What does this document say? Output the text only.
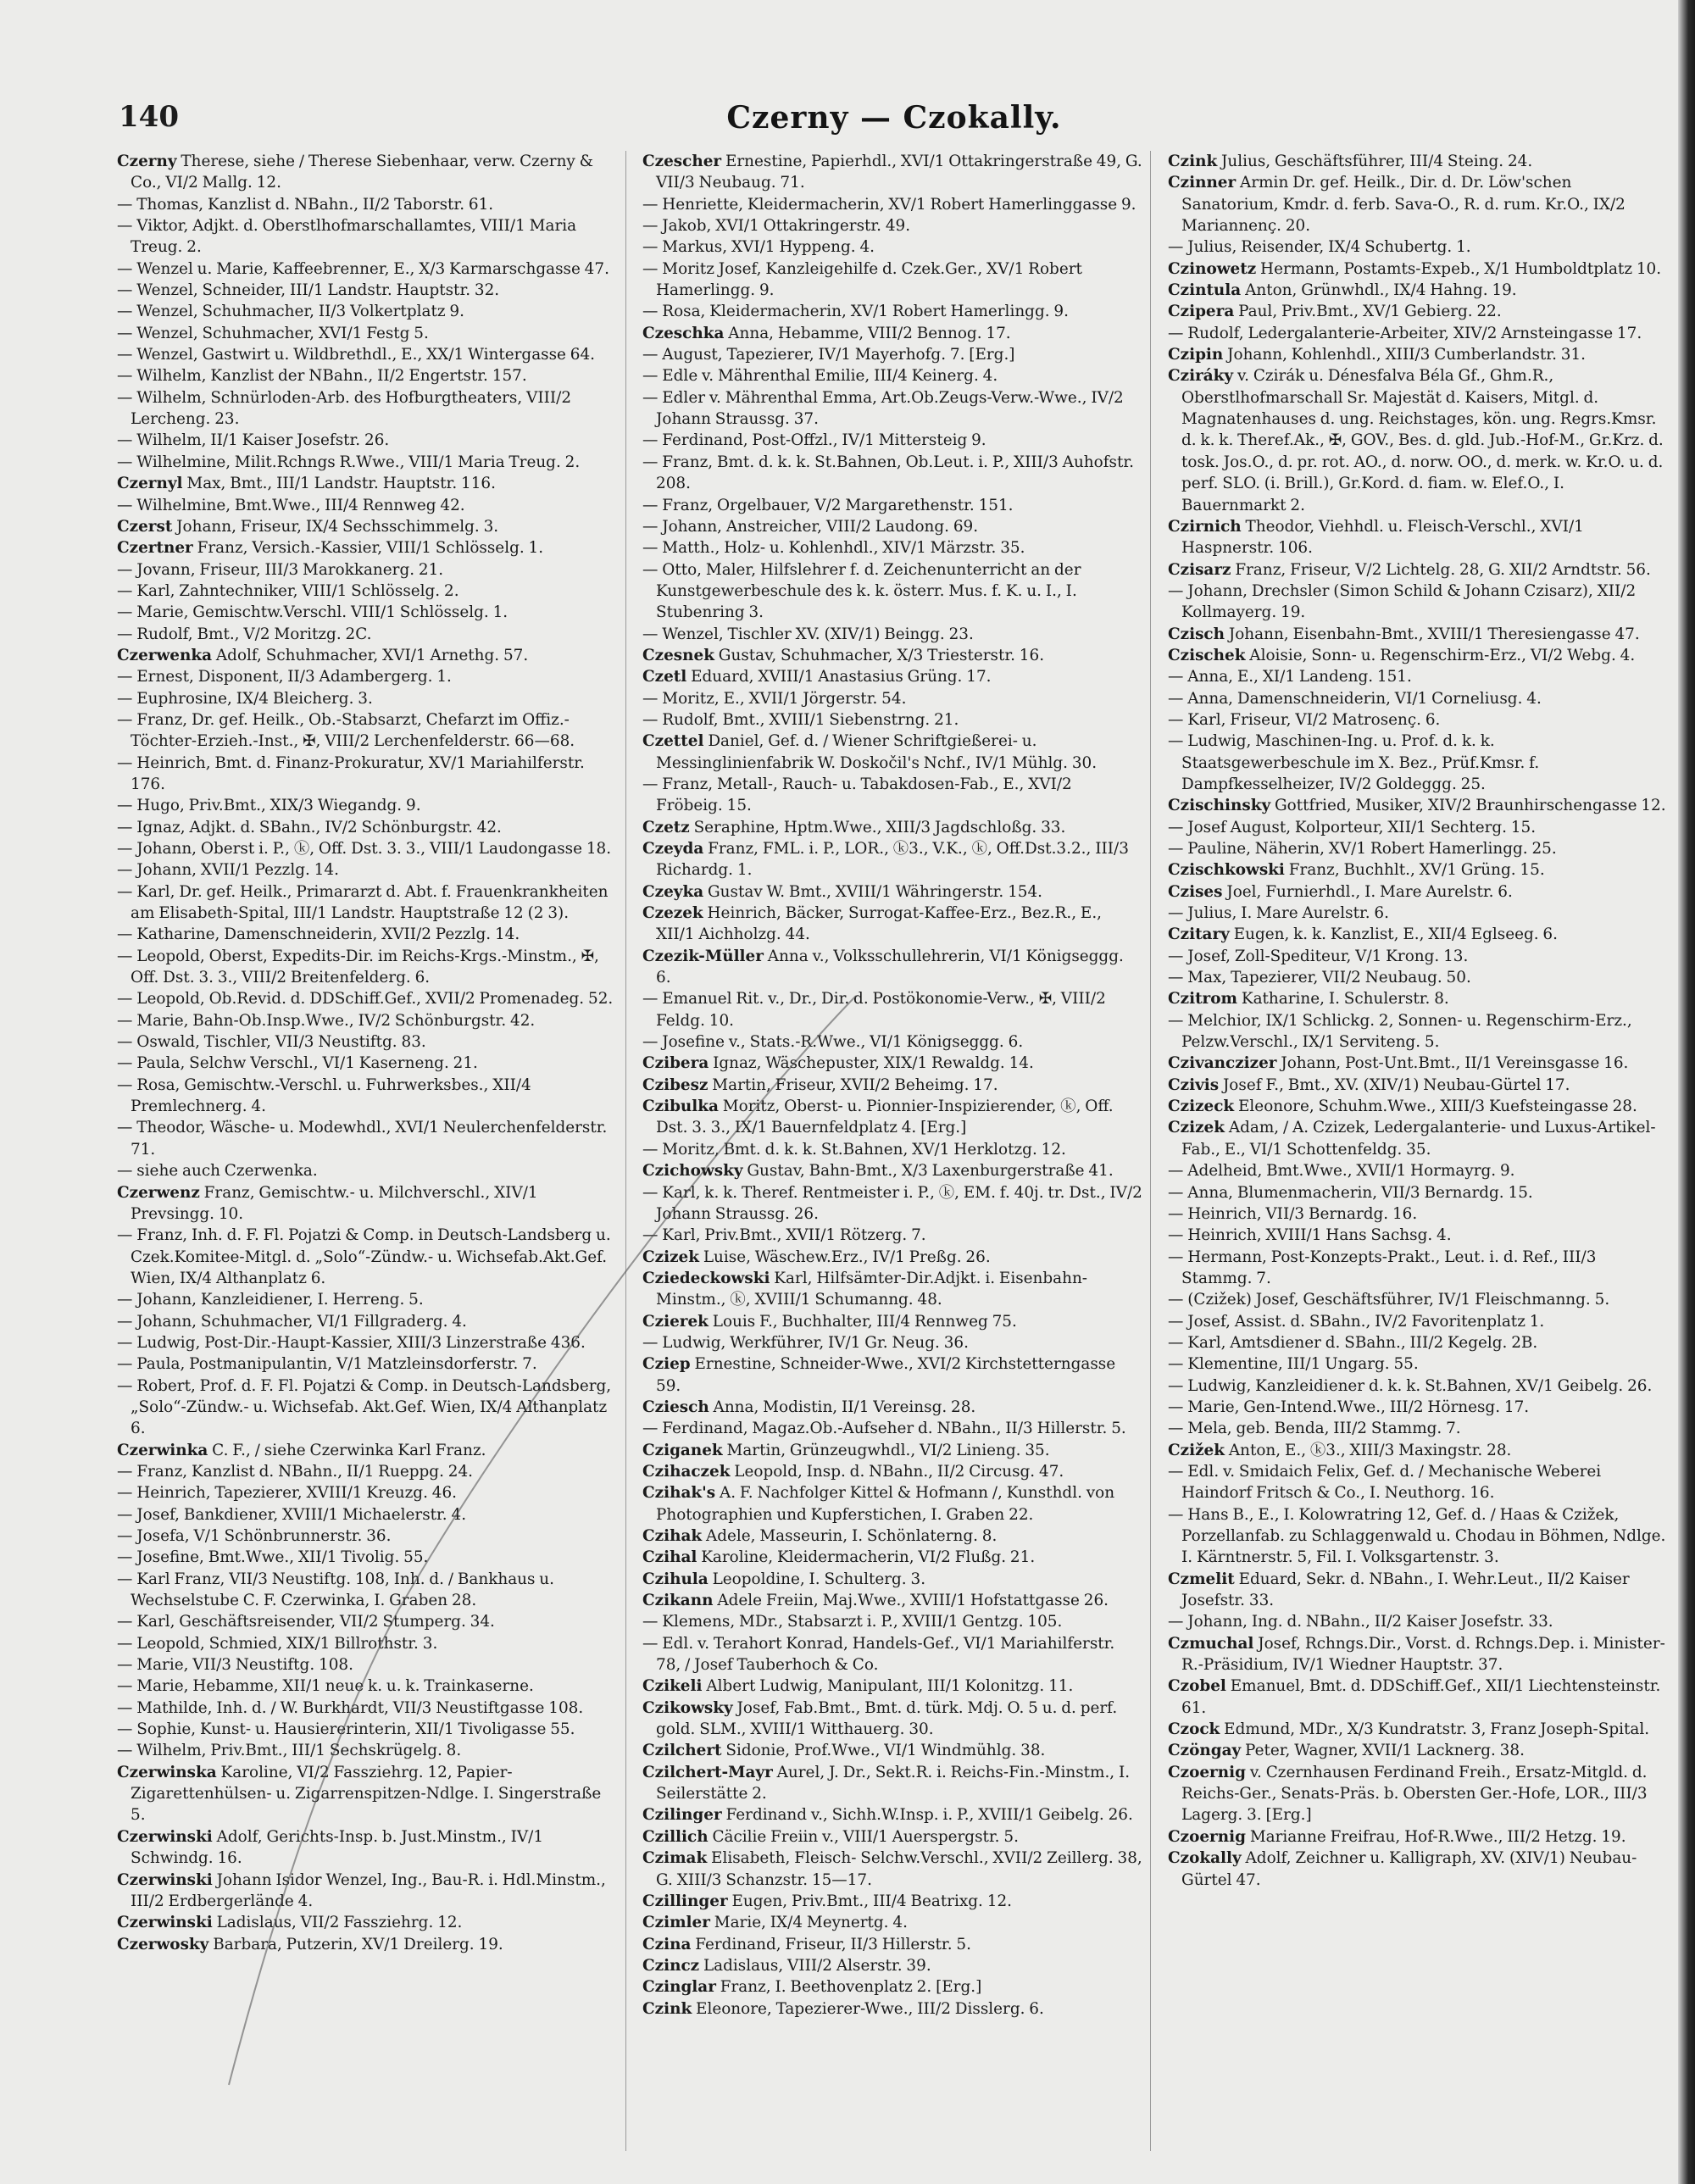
140	Czerny — Czokally.

Czerny Therese, siehe ∕ Therese Siebenhaar, verw. Czerny & Co., VI/2 Mallg. 12.

— Thomas, Kanzlist d. NBahn., II/2 Taborstr. 61.

— Viktor, Adjkt. d. Oberstlhofmarschallamtes, VIII/1 Maria Treug. 2.

— Wenzel u. Marie, Kaffeebrenner, E., X/3 Karmarschgasse 47.

— Wenzel, Schneider, III/1 Landstr. Hauptstr. 32.

— Wenzel, Schuhmacher, II/3 Volkertplatz 9.

— Wenzel, Schuhmacher, XVI/1 Festg 5.

— Wenzel, Gastwirt u. Wildbrethdl., E., XX/1 Wintergasse 64.

— Wilhelm, Kanzlist der NBahn., II/2 Engertstr. 157.

— Wilhelm, Schnürloden-Arb. des Hofburgtheaters, VIII/2 Lercheng. 23.

— Wilhelm, II/1 Kaiser Josefstr. 26.

— Wilhelmine, Milit.Rchngs R.Wwe., VIII/1 Maria Treug. 2.

Czernyl Max, Bmt., III/1 Landstr. Hauptstr. 116.

— Wilhelmine, Bmt.Wwe., III/4 Rennweg 42.

Czerst Johann, Friseur, IX/4 Sechsschimmelg. 3.

Czertner Franz, Versich.-Kassier, VIII/1 Schlösselg. 1.

— Jovann, Friseur, III/3 Marokkanerg. 21.

— Karl, Zahntechniker, VIII/1 Schlösselg. 2.

— Marie, Gemischtw.Verschl. VIII/1 Schlösselg. 1.

— Rudolf, Bmt., V/2 Moritzg. 2C.

Czerwenka Adolf, Schuhmacher, XVI/1 Arnethg. 57.

— Ernest, Disponent, II/3 Adambergerg. 1.

— Euphrosine, IX/4 Bleicherg. 3.

— Franz, Dr. gef. Heilk., Ob.-Stabsarzt, Chefarzt im Offiz.-Töchter-Erzieh.-Inst., ✠, VIII/2 Lerchenfelderstr. 66—68.

— Heinrich, Bmt. d. Finanz-Prokuratur, XV/1 Mariahilferstr. 176.

— Hugo, Priv.Bmt., XIX/3 Wiegandg. 9.

— Ignaz, Adjkt. d. SBahn., IV/2 Schönburgstr. 42.

— Johann, Oberst i. P., ⓚ, Off. Dst. 3. 3., VIII/1 Laudongasse 18.

— Johann, XVII/1 Pezzlg. 14.

— Karl, Dr. gef. Heilk., Primararzt d. Abt. f. Frauenkrankheiten am Elisabeth-Spital, III/1 Landstr. Hauptstraße 12 (2 3).

— Katharine, Damenschneiderin, XVII/2 Pezzlg. 14.

— Leopold, Oberst, Expedits-Dir. im Reichs-Krgs.-Minstm., ✠, Off. Dst. 3. 3., VIII/2 Breitenfelderg. 6.

— Leopold, Ob.Revid. d. DDSchiff.Gef., XVII/2 Promenadeg. 52.

— Marie, Bahn-Ob.Insp.Wwe., IV/2 Schönburgstr. 42.

— Oswald, Tischler, VII/3 Neustiftg. 83.

— Paula, Selchw Verschl., VI/1 Kaserneng. 21.

— Rosa, Gemischtw.-Verschl. u. Fuhrwerksbes., XII/4 Premlechnerg. 4.

— Theodor, Wäsche- u. Modewhdl., XVI/1 Neulerchenfelderstr. 71.

— siehe auch Czerwenka.

Czerwenz Franz, Gemischtw.- u. Milchverschl., XIV/1 Prevsingg. 10.

— Franz, Inh. d. F. Fl. Pojatzi & Comp. in Deutsch-Landsberg u. Czek.Komitee-Mitgl. d. „Solo“-Zündw.- u. Wichsefab.Akt.Gef. Wien, IX/4 Althanplatz 6.

— Johann, Kanzleidiener, I. Herreng. 5.

— Johann, Schuhmacher, VI/1 Fillgraderg. 4.

— Ludwig, Post-Dir.-Haupt-Kassier, XIII/3 Linzerstraße 436.

— Paula, Postmanipulantin, V/1 Matzleinsdorferstr. 7.

— Robert, Prof. d. F. Fl. Pojatzi & Comp. in Deutsch-Landsberg, „Solo“-Zündw.- u. Wichsefab. Akt.Gef. Wien, IX/4 Althanplatz 6.

Czerwinka C. F., ∕ siehe Czerwinka Karl Franz.

— Franz, Kanzlist d. NBahn., II/1 Rueppg. 24.

— Heinrich, Tapezierer, XVIII/1 Kreuzg. 46.

— Josef, Bankdiener, XVIII/1 Michaelerstr. 4.

— Josefa, V/1 Schönbrunnerstr. 36.

— Josefine, Bmt.Wwe., XII/1 Tivolig. 55.

— Karl Franz, VII/3 Neustiftg. 108, Inh. d. ∕ Bankhaus u. Wechselstube C. F. Czerwinka, I. Graben 28.

— Karl, Geschäftsreisender, VII/2 Stumperg. 34.

— Leopold, Schmied, XIX/1 Billrothstr. 3.

— Marie, VII/3 Neustiftg. 108.

— Marie, Hebamme, XII/1 neue k. u. k. Trainkaserne.

— Mathilde, Inh. d. ∕ W. Burkhardt, VII/3 Neustiftgasse 108.

— Sophie, Kunst- u. Hausiererinterin, XII/1 Tivoligasse 55.

— Wilhelm, Priv.Bmt., III/1 Sechskrügelg. 8.

Czerwinska Karoline, VI/2 Fassziehrg. 12, Papier-Zigarettenhülsen- u. Zigarrenspitzen-Ndlge. I. Singerstraße 5.

Czerwinski Adolf, Gerichts-Insp. b. Just.Minstm., IV/1 Schwindg. 16.

Czerwinski Johann Isidor Wenzel, Ing., Bau-R. i. Hdl.Minstm., III/2 Erdbergerlände 4.

Czerwinski Ladislaus, VII/2 Fassziehrg. 12.

Czerwosky Barbara, Putzerin, XV/1 Dreilerg. 19.

Czescher Ernestine, Papierhdl., XVI/1 Ottakringerstraße 49, G. VII/3 Neubaug. 71.

— Henriette, Kleidermacherin, XV/1 Robert Hamerlinggasse 9.

— Jakob, XVI/1 Ottakringerstr. 49.

— Markus, XVI/1 Hyppeng. 4.

— Moritz Josef, Kanzleigehilfe d. Czek.Ger., XV/1 Robert Hamerlingg. 9.

— Rosa, Kleidermacherin, XV/1 Robert Hamerlingg. 9.

Czeschka Anna, Hebamme, VIII/2 Bennog. 17.

— August, Tapezierer, IV/1 Mayerhofg. 7. [Erg.]

— Edle v. Mährenthal Emilie, III/4 Keinerg. 4.

— Edler v. Mährenthal Emma, Art.Ob.Zeugs-Verw.-Wwe., IV/2 Johann Straussg. 37.

— Ferdinand, Post-Offzl., IV/1 Mittersteig 9.

— Franz, Bmt. d. k. k. St.Bahnen, Ob.Leut. i. P., XIII/3 Auhofstr. 208.

— Franz, Orgelbauer, V/2 Margarethenstr. 151.

— Johann, Anstreicher, VIII/2 Laudong. 69.

— Matth., Holz- u. Kohlenhdl., XIV/1 Märzstr. 35.

— Otto, Maler, Hilfslehrer f. d. Zeichenunterricht an der Kunstgewerbeschule des k. k. österr. Mus. f. K. u. I., I. Stubenring 3.

— Wenzel, Tischler XV. (XIV/1) Beingg. 23.

Czesnek Gustav, Schuhmacher, X/3 Triesterstr. 16.

Czetl Eduard, XVIII/1 Anastasius Grüng. 17.

— Moritz, E., XVII/1 Jörgerstr. 54.

— Rudolf, Bmt., XVIII/1 Siebenstrng. 21.

Czettel Daniel, Gef. d. ∕ Wiener Schriftgießerei- u. Messinglinienfabrik W. Doskočil's Nchf., IV/1 Mühlg. 30.

— Franz, Metall-, Rauch- u. Tabakdosen-Fab., E., XVI/2 Fröbeig. 15.

Czetz Seraphine, Hptm.Wwe., XIII/3 Jagdschloßg. 33.

Czeyda Franz, FML. i. P., LOR., ⓚ3., V.K., ⓚ, Off.Dst.3.2., III/3 Richardg. 1.

Czeyka Gustav W. Bmt., XVIII/1 Währingerstr. 154.

Czezek Heinrich, Bäcker, Surrogat-Kaffee-Erz., Bez.R., E., XII/1 Aichholzg. 44.

Czezik-Müller Anna v., Volksschullehrerin, VI/1 Königseggg. 6.

— Emanuel Rit. v., Dr., Dir. d. Postökonomie-Verw., ✠, VIII/2 Feldg. 10.

— Josefine v., Stats.-R.Wwe., VI/1 Königseggg. 6.

Czibera Ignaz, Wäschepuster, XIX/1 Rewaldg. 14.

Czibesz Martin, Friseur, XVII/2 Beheimg. 17.

Czibulka Moritz, Oberst- u. Pionnier-Inspizierender, ⓚ, Off. Dst. 3. 3., IX/1 Bauernfeldplatz 4. [Erg.]

— Moritz, Bmt. d. k. k. St.Bahnen, XV/1 Herklotzg. 12.

Czichowsky Gustav, Bahn-Bmt., X/3 Laxenburgerstraße 41.

— Karl, k. k. Theref. Rentmeister i. P., ⓚ, EM. f. 40j. tr. Dst., IV/2 Johann Straussg. 26.

— Karl, Priv.Bmt., XVII/1 Rötzerg. 7.

Czizek Luise, Wäschew.Erz., IV/1 Preßg. 26.

Cziedeckowski Karl, Hilfsämter-Dir.Adjkt. i. Eisenbahn-Minstm., ⓚ, XVIII/1 Schumanng. 48.

Czierek Louis F., Buchhalter, III/4 Rennweg 75.

— Ludwig, Werkführer, IV/1 Gr. Neug. 36.

Cziep Ernestine, Schneider-Wwe., XVI/2 Kirchstetterngasse 59.

Cziesch Anna, Modistin, II/1 Vereinsg. 28.

— Ferdinand, Magaz.Ob.-Aufseher d. NBahn., II/3 Hillerstr. 5.

Cziganek Martin, Grünzeugwhdl., VI/2 Linieng. 35.

Czihaczek Leopold, Insp. d. NBahn., II/2 Circusg. 47.

Czihak's A. F. Nachfolger Kittel & Hofmann ∕, Kunsthdl. von Photographien und Kupferstichen, I. Graben 22.

Czihak Adele, Masseurin, I. Schönlaterng. 8.

Czihal Karoline, Kleidermacherin, VI/2 Flußg. 21.

Czihula Leopoldine, I. Schulterg. 3.

Czikann Adele Freiin, Maj.Wwe., XVIII/1 Hofstattgasse 26.

— Klemens, MDr., Stabsarzt i. P., XVIII/1 Gentzg. 105.

— Edl. v. Terahort Konrad, Handels-Gef., VI/1 Mariahilferstr. 78, ∕ Josef Tauberhoch & Co.

Czikeli Albert Ludwig, Manipulant, III/1 Kolonitzg. 11.

Czikowsky Josef, Fab.Bmt., Bmt. d. türk. Mdj. O. 5 u. d. perf. gold. SLM., XVIII/1 Witthauerg. 30.

Czilchert Sidonie, Prof.Wwe., VI/1 Windmühlg. 38.

Czilchert-Mayr Aurel, J. Dr., Sekt.R. i. Reichs-Fin.-Minstm., I. Seilerstätte 2.

Czilinger Ferdinand v., Sichh.W.Insp. i. P., XVIII/1 Geibelg. 26.

Czillich Cäcilie Freiin v., VIII/1 Auerspergstr. 5.

Czimak Elisabeth, Fleisch- Selchw.Verschl., XVII/2 Zeillerg. 38, G. XIII/3 Schanzstr. 15—17.

Czillinger Eugen, Priv.Bmt., III/4 Beatrixg. 12.

Czimler Marie, IX/4 Meynertg. 4.

Czina Ferdinand, Friseur, II/3 Hillerstr. 5.

Czincz Ladislaus, VIII/2 Alserstr. 39.

Czinglar Franz, I. Beethovenplatz 2. [Erg.]

Czink Eleonore, Tapezierer-Wwe., III/2 Disslerg. 6.

Czink Julius, Geschäftsführer, III/4 Steing. 24.

Czinner Armin Dr. gef. Heilk., Dir. d. Dr. Löw'schen Sanatorium, Kmdr. d. ferb. Sava-O., R. d. rum. Kr.O., IX/2 Mariannenç. 20.

— Julius, Reisender, IX/4 Schubertg. 1.

Czinowetz Hermann, Postamts-Expeb., X/1 Humboldtplatz 10.

Czintula Anton, Grünwhdl., IX/4 Hahng. 19.

Czipera Paul, Priv.Bmt., XV/1 Gebierg. 22.

— Rudolf, Ledergalanterie-Arbeiter, XIV/2 Arnsteingasse 17.

Czipin Johann, Kohlenhdl., XIII/3 Cumberlandstr. 31.

Cziráky v. Czirák u. Dénesfalva Béla Gf., Ghm.R., Oberstlhofmarschall Sr. Majestät d. Kaisers, Mitgl. d. Magnatenhauses d. ung. Reichstages, kön. ung. Regrs.Kmsr. d. k. k. Theref.Ak., ✠, GOV., Bes. d. gld. Jub.-Hof-M., Gr.Krz. d. tosk. Jos.O., d. pr. rot. AO., d. norw. OO., d. merk. w. Kr.O. u. d. perf. SLO. (i. Brill.), Gr.Kord. d. fiam. w. Elef.O., I. Bauernmarkt 2.

Czirnich Theodor, Viehhdl. u. Fleisch-Verschl., XVI/1 Haspnerstr. 106.

Czisarz Franz, Friseur, V/2 Lichtelg. 28, G. XII/2 Arndtstr. 56.

— Johann, Drechsler (Simon Schild & Johann Czisarz), XII/2 Kollmayerg. 19.

Czisch Johann, Eisenbahn-Bmt., XVIII/1 Theresiengasse 47.

Czischek Aloisie, Sonn- u. Regenschirm-Erz., VI/2 Webg. 4.

— Anna, E., XI/1 Landeng. 151.

— Anna, Damenschneiderin, VI/1 Corneliusg. 4.

— Karl, Friseur, VI/2 Matrosenç. 6.

— Ludwig, Maschinen-Ing. u. Prof. d. k. k. Staatsgewerbeschule im X. Bez., Prüf.Kmsr. f. Dampfkesselheizer, IV/2 Goldeggg. 25.

Czischinsky Gottfried, Musiker, XIV/2 Braunhirschengasse 12.

— Josef August, Kolporteur, XII/1 Sechterg. 15.

— Pauline, Näherin, XV/1 Robert Hamerlingg. 25.

Czischkowski Franz, Buchhlt., XV/1 Grüng. 15.

Czises Joel, Furnierhdl., I. Mare Aurelstr. 6.

— Julius, I. Mare Aurelstr. 6.

Czitary Eugen, k. k. Kanzlist, E., XII/4 Eglseeg. 6.

— Josef, Zoll-Spediteur, V/1 Krong. 13.

— Max, Tapezierer, VII/2 Neubaug. 50.

Czitrom Katharine, I. Schulerstr. 8.

— Melchior, IX/1 Schlickg. 2, Sonnen- u. Regenschirm-Erz., Pelzw.Verschl., IX/1 Serviteng. 5.

Czivanczizer Johann, Post-Unt.Bmt., II/1 Vereinsgasse 16.

Czivis Josef F., Bmt., XV. (XIV/1) Neubau-Gürtel 17.

Czizeck Eleonore, Schuhm.Wwe., XIII/3 Kuefsteingasse 28.

Czizek Adam, ∕ A. Czizek, Ledergalanterie- und Luxus-Artikel-Fab., E., VI/1 Schottenfeldg. 35.

— Adelheid, Bmt.Wwe., XVII/1 Hormayrg. 9.

— Anna, Blumenmacherin, VII/3 Bernardg. 15.

— Heinrich, VII/3 Bernardg. 16.

— Heinrich, XVIII/1 Hans Sachsg. 4.

— Hermann, Post-Konzepts-Prakt., Leut. i. d. Ref., III/3 Stammg. 7.

— (Czižek) Josef, Geschäftsführer, IV/1 Fleischmanng. 5.

— Josef, Assist. d. SBahn., IV/2 Favoritenplatz 1.

— Karl, Amtsdiener d. SBahn., III/2 Kegelg. 2B.

— Klementine, III/1 Ungarg. 55.

— Ludwig, Kanzleidiener d. k. k. St.Bahnen, XV/1 Geibelg. 26.

— Marie, Gen-Intend.Wwe., III/2 Hörnesg. 17.

— Mela, geb. Benda, III/2 Stammg. 7.

Czižek Anton, E., ⓚ3., XIII/3 Maxingstr. 28.

— Edl. v. Smidaich Felix, Gef. d. ∕ Mechanische Weberei Haindorf Fritsch & Co., I. Neuthorg. 16.

— Hans B., E., I. Kolowratring 12, Gef. d. ∕ Haas & Czižek, Porzellanfab. zu Schlaggenwald u. Chodau in Böhmen, Ndlge. I. Kärntnerstr. 5, Fil. I. Volksgartenstr. 3.

Czmelit Eduard, Sekr. d. NBahn., I. Wehr.Leut., II/2 Kaiser Josefstr. 33.

— Johann, Ing. d. NBahn., II/2 Kaiser Josefstr. 33.

Czmuchal Josef, Rchngs.Dir., Vorst. d. Rchngs.Dep. i. Minister-R.-Präsidium, IV/1 Wiedner Hauptstr. 37.

Czobel Emanuel, Bmt. d. DDSchiff.Gef., XII/1 Liechtensteinstr. 61.

Czock Edmund, MDr., X/3 Kundratstr. 3, Franz Joseph-Spital.

Czöngay Peter, Wagner, XVII/1 Lacknerg. 38.

Czoernig v. Czernhausen Ferdinand Freih., Ersatz-Mitgld. d. Reichs-Ger., Senats-Präs. b. Obersten Ger.-Hofe, LOR., III/3 Lagerg. 3. [Erg.]

Czoernig Marianne Freifrau, Hof-R.Wwe., III/2 Hetzg. 19.

Czokally Adolf, Zeichner u. Kalligraph, XV. (XIV/1) Neubau-Gürtel 47.
